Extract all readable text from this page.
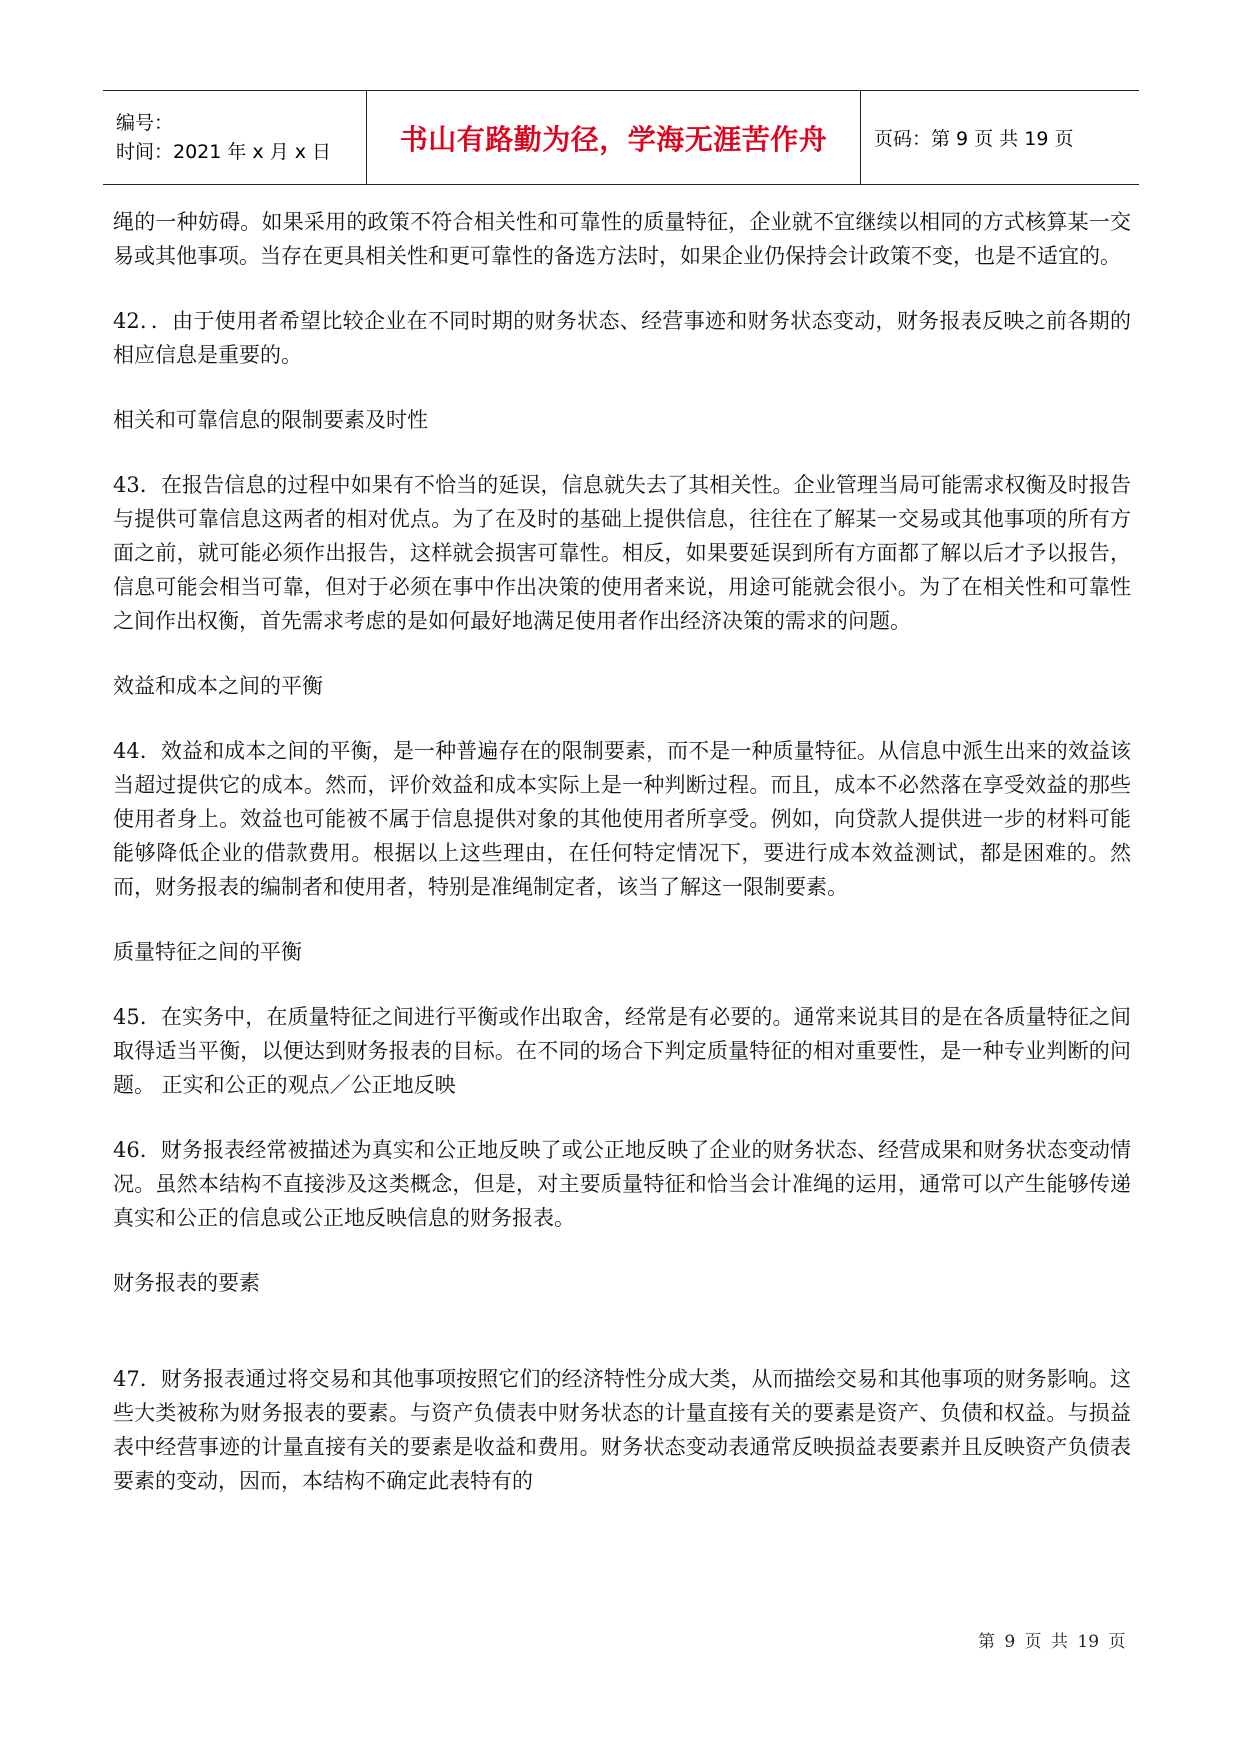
编号：
时间：2021 年 x 月 x 日	书山有路勤为径，学海无涯苦作舟 页码：第 9 页 共 19 页

绳的一种妨碍。如果采用的政策不符合相关性和可靠性的质量特征，企业就不宜继续以相同的方式核算某一交易或其他事项。当存在更具相关性和更可靠性的备选方法时，如果企业仍保持会计政策不变，也是不适宜的。

42．．由于使用者希望比较企业在不同时期的财务状态、经营事迹和财务状态变动，财务报表反映之前各期的相应信息是重要的。

相关和可靠信息的限制要素及时性

43．在报告信息的过程中如果有不恰当的延误，信息就失去了其相关性。企业管理当局可能需求权衡及时报告与提供可靠信息这两者的相对优点。为了在及时的基础上提供信息，往往在了解某一交易或其他事项的所有方面之前，就可能必须作出报告，这样就会损害可靠性。相反，如果要延误到所有方面都了解以后才予以报告，信息可能会相当可靠，但对于必须在事中作出决策的使用者来说，用途可能就会很小。为了在相关性和可靠性之间作出权衡，首先需求考虑的是如何最好地满足使用者作出经济决策的需求的问题。

效益和成本之间的平衡

44．效益和成本之间的平衡，是一种普遍存在的限制要素，而不是一种质量特征。从信息中派生出来的效益该当超过提供它的成本。然而，评价效益和成本实际上是一种判断过程。而且，成本不必然落在享受效益的那些使用者身上。效益也可能被不属于信息提供对象的其他使用者所享受。例如，向贷款人提供进一步的材料可能能够降低企业的借款费用。根据以上这些理由，在任何特定情况下，要进行成本效益测试，都是困难的。然而，财务报表的编制者和使用者，特别是准绳制定者，该当了解这一限制要素。

质量特征之间的平衡

45．在实务中，在质量特征之间进行平衡或作出取舍，经常是有必要的。通常来说其目的是在各质量特征之间取得适当平衡，以便达到财务报表的目标。在不同的场合下判定质量特征的相对重要性，是一种专业判断的问题。 正实和公正的观点／公正地反映

46．财务报表经常被描述为真实和公正地反映了或公正地反映了企业的财务状态、经营成果和财务状态变动情况。虽然本结构不直接涉及这类概念，但是，对主要质量特征和恰当会计准绳的运用，通常可以产生能够传递真实和公正的信息或公正地反映信息的财务报表。

财务报表的要素

47．财务报表通过将交易和其他事项按照它们的经济特性分成大类，从而描绘交易和其他事项的财务影响。这些大类被称为财务报表的要素。与资产负债表中财务状态的计量直接有关的要素是资产、负债和权益。与损益表中经营事迹的计量直接有关的要素是收益和费用。财务状态变动表通常反映损益表要素并且反映资产负债表要素的变动，因而，本结构不确定此表特有的

第 9 页 共 19 页
